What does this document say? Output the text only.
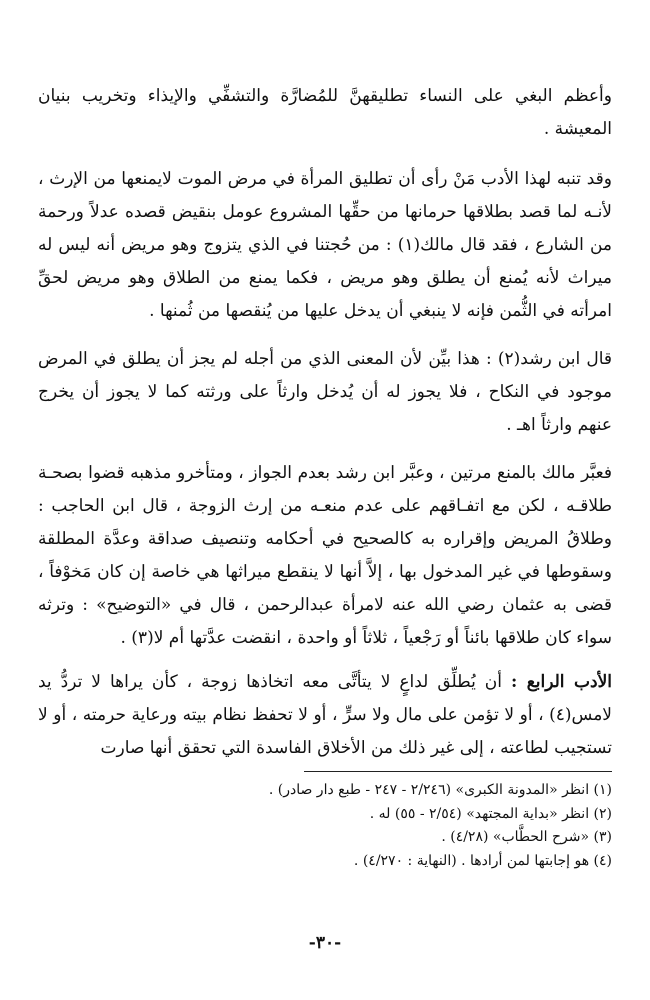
وأعظم البغي على النساء تطليقهنَّ للمُضارَّة والتشفِّي والإيذاء وتخريب بنيان المعيشة .
وقد تنبه لهذا الأدب مَنْ رأى أن تطليق المرأة في مرض الموت لايمنعها من الإرث ، لأنـه لما قصد بطلاقها حرمانها من حقِّها المشروع عومل بنقيض قصده عدلاً ورحمة من الشارع ، فقد قال مالك(١) : من حُجتنا في الذي يتزوج وهو مريض أنه ليس له ميراث لأنه يُمنع أن يطلق وهو مريض ، فكما يمنع من الطلاق وهو مريض لحقِّ امرأته في الثُّمن فإنه لا ينبغي أن يدخل عليها من يُنقصها من ثُمنها .
قال ابن رشد(٢) : هذا بيِّن لأن المعنى الذي من أجله لم يجز أن يطلق في المرض موجود في النكاح ، فلا يجوز له أن يُدخل وارثاً على ورثته كما لا يجوز أن يخرج عنهم وارثاً اهـ .
فعبَّر مالك بالمنع مرتين ، وعبَّر ابن رشد بعدم الجواز ، ومتأخرو مذهبه قضوا بصحـة طلاقـه ، لكن مع اتفـاقهم على عدم منعـه من إرث الزوجة ، قال ابن الحاجب : وطلاقُ المريض وإقراره به كالصحيح في أحكامه وتنصيف صداقة وعدَّة المطلقة وسقوطها في غير المدخول بها ، إلاَّ أنها لا ينقطع ميراثها هي خاصة إن كان مَخوْفاً ، قضى به عثمان رضي الله عنه لامرأة عبدالرحمن ، قال في «التوضيح» : وترثه سواء كان طلاقها بائناً أو رَجْعياً ، ثلاثاً أو واحدة ، انقضت عدَّتها أم لا(٣) .
الأدب الرابع : أن يُطلِّق لداعٍ لا يتأتَّى معه اتخاذها زوجة ، كأن يراها لا تردُّ يد لامس(٤) ، أو لا تؤمن على مال ولا سرٍّ ، أو لا تحفظ نظام بيته ورعاية حرمته ، أو لا تستجيب لطاعته ، إلى غير ذلك من الأخلاق الفاسدة التي تحقق أنها صارت
(١) انظر «المدونة الكبرى» (٢/٢٤٦ - ٢٤٧ - طبع دار صادر) .
(٢) انظر «بداية المجتهد» (٢/٥٤ - ٥٥) له .
(٣) «شرح الحطَّاب» (٤/٢٨) .
(٤) هو إجابتها لمن أرادها . (النهاية : ٤/٢٧٠) .
-٣٠-
